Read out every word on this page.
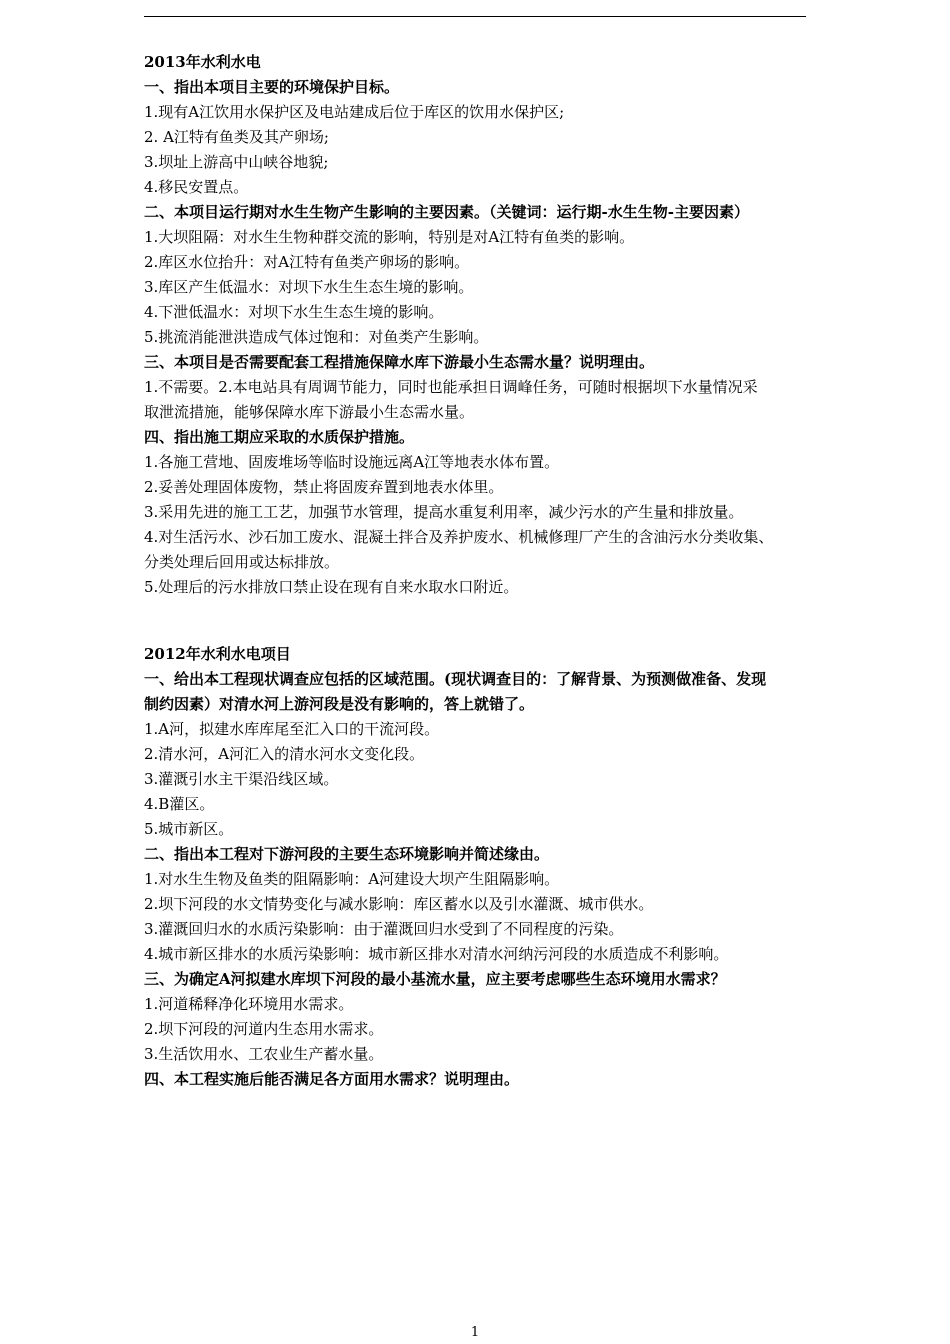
2013年水利水电
一、指出本项目主要的环境保护目标。
1.现有A江饮用水保护区及电站建成后位于库区的饮用水保护区;
2. A江特有鱼类及其产卵场;
3.坝址上游高中山峡谷地貌;
4.移民安置点。
二、本项目运行期对水生生物产生影响的主要因素。（关键词：运行期-水生生物-主要因素）
1.大坝阻隔：对水生生物种群交流的影响，特别是对A江特有鱼类的影响。
2.库区水位抬升：对A江特有鱼类产卵场的影响。
3.库区产生低温水：对坝下水生生态生境的影响。
4.下泄低温水：对坝下水生生态生境的影响。
5.挑流消能泄洪造成气体过饱和：对鱼类产生影响。
三、本项目是否需要配套工程措施保障水库下游最小生态需水量？说明理由。
1.不需要。2.本电站具有周调节能力，同时也能承担日调峰任务，可随时根据坝下水量情况采
取泄流措施，能够保障水库下游最小生态需水量。
四、指出施工期应采取的水质保护措施。
1.各施工营地、固废堆场等临时设施远离A江等地表水体布置。
2.妥善处理固体废物，禁止将固废弃置到地表水体里。
3.采用先进的施工工艺，加强节水管理，提高水重复利用率，减少污水的产生量和排放量。
4.对生活污水、沙石加工废水、混凝土拌合及养护废水、机械修理厂产生的含油污水分类收集、
分类处理后回用或达标排放。
5.处理后的污水排放口禁止设在现有自来水取水口附近。
2012年水利水电项目
一、给出本工程现状调查应包括的区域范围。(现状调查目的：了解背景、为预测做准备、发现
制约因素）对清水河上游河段是没有影响的，答上就错了。
1.A河，拟建水库库尾至汇入口的干流河段。
2.清水河，A河汇入的清水河水文变化段。
3.灌溉引水主干渠沿线区域。
4.B灌区。
5.城市新区。
二、指出本工程对下游河段的主要生态环境影响并简述缘由。
1.对水生生物及鱼类的阻隔影响：A河建设大坝产生阻隔影响。
2.坝下河段的水文情势变化与减水影响：库区蓄水以及引水灌溉、城市供水。
3.灌溉回归水的水质污染影响：由于灌溉回归水受到了不同程度的污染。
4.城市新区排水的水质污染影响：城市新区排水对清水河纳污河段的水质造成不利影响。
三、为确定A河拟建水库坝下河段的最小基流水量，应主要考虑哪些生态环境用水需求？
1.河道稀释净化环境用水需求。
2.坝下河段的河道内生态用水需求。
3.生活饮用水、工农业生产蓄水量。
四、本工程实施后能否满足各方面用水需求？说明理由。
1
